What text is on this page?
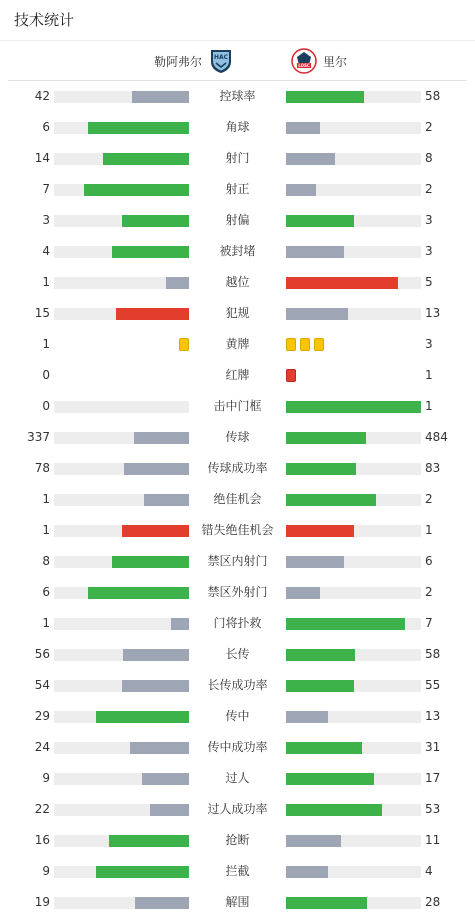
技术统计
勒阿弗尔 HAC
LOSC 里尔
42	控球率	58
6	角球	2
14	射门	8
7	射正	2
3	射偏	3
4	被封堵	3
1	越位	5
15	犯规	13
1	黄牌	3
0	红牌	1
0	击中门框	1
337	传球	484
78	传球成功率	83
1	绝佳机会	2
1	错失绝佳机会	1
8	禁区内射门	6
6	禁区外射门	2
1	门将扑救	7
56	长传	58
54	长传成功率	55
29	传中	13
24	传中成功率	31
9	过人	17
22	过人成功率	53
16	抢断	11
9	拦截	4
19	解围	28
